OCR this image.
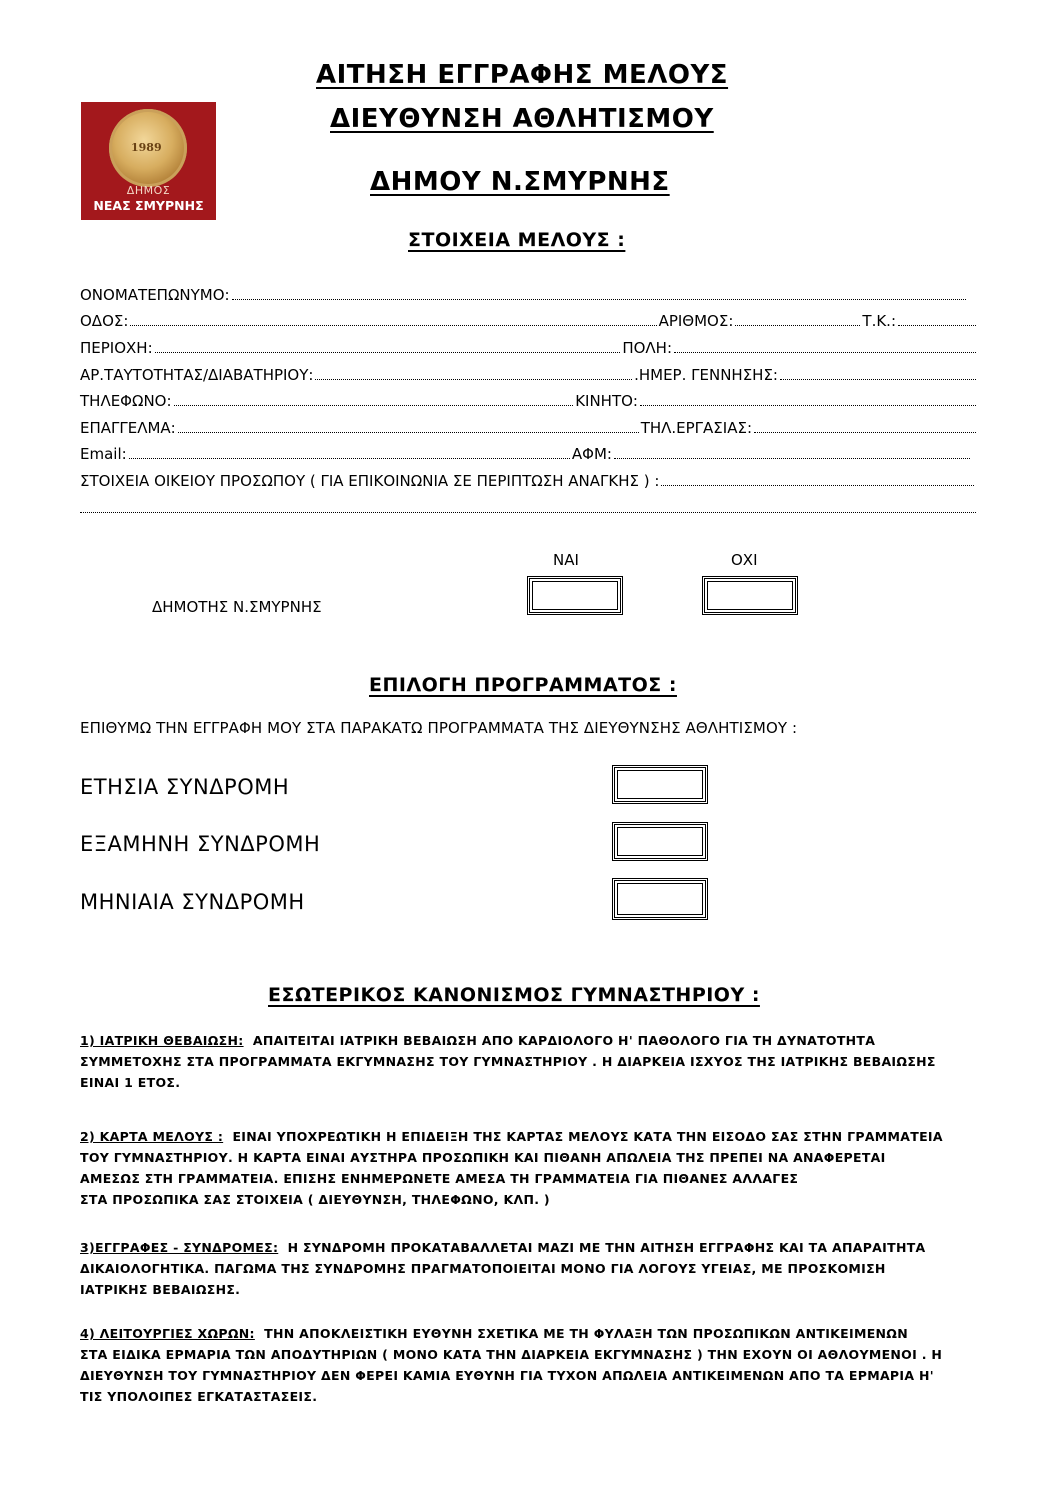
1989
ΔΗΜΟΣ
ΝΕΑΣ ΣΜΥΡΝΗΣ
ΑΙΤΗΣΗ ΕΓΓΡΑΦΗΣ ΜΕΛΟΥΣ
ΔΙΕΥΘΥΝΣΗ ΑΘΛΗΤΙΣΜΟΥ
ΔΗΜΟΥ Ν.ΣΜΥΡΝΗΣ
ΣΤΟΙΧΕΙΑ ΜΕΛΟΥΣ :
ΟΝΟΜΑΤΕΠΩΝΥΜΟ:
ΟΔΟΣ:	ΑΡΙΘΜΟΣ:	Τ.Κ.:
ΠΕΡΙΟΧΗ:	ΠΟΛΗ:
ΑΡ.ΤΑΥΤΟΤΗΤΑΣ/ΔΙΑΒΑΤΗΡΙΟΥ:	.ΗΜΕΡ. ΓΕΝΝΗΣΗΣ:
ΤΗΛΕΦΩΝΟ:	ΚΙΝΗΤΟ:
ΕΠΑΓΓΕΛΜΑ:	ΤΗΛ.ΕΡΓΑΣΙΑΣ:
Email:	ΑΦΜ:
ΣΤΟΙΧΕΙΑ ΟΙΚΕΙΟΥ ΠΡΟΣΩΠΟΥ ( ΓΙΑ ΕΠΙΚΟΙΝΩΝΙΑ ΣΕ ΠΕΡΙΠΤΩΣΗ ΑΝΑΓΚΗΣ ) :
ΝΑΙ	ΟΧΙ
ΔΗΜΟΤΗΣ Ν.ΣΜΥΡΝΗΣ
ΕΠΙΛΟΓΗ ΠΡΟΓΡΑΜΜΑΤΟΣ :
ΕΠΙΘΥΜΩ ΤΗΝ ΕΓΓΡΑΦΗ ΜΟΥ ΣΤΑ ΠΑΡΑΚΑΤΩ ΠΡΟΓΡΑΜΜΑΤΑ ΤΗΣ ΔΙΕΥΘΥΝΣΗΣ ΑΘΛΗΤΙΣΜΟΥ :
ΕΤΗΣΙΑ ΣΥΝΔΡΟΜΗ
ΕΞΑΜΗΝΗ ΣΥΝΔΡΟΜΗ
ΜΗΝΙΑΙΑ ΣΥΝΔΡΟΜΗ
ΕΣΩΤΕΡΙΚΟΣ ΚΑΝΟΝΙΣΜΟΣ ΓΥΜΝΑΣΤΗΡΙΟΥ :
1) ΙΑΤΡΙΚΗ ΘΕΒΑΙΩΣΗ: ΑΠΑΙΤΕΙΤΑΙ ΙΑΤΡΙΚΗ ΒΕΒΑΙΩΣΗ ΑΠΟ ΚΑΡΔΙΟΛΟΓΟ Η' ΠΑΘΟΛΟΓΟ ΓΙΑ ΤΗ ΔΥΝΑΤΟΤΗΤΑ
ΣΥΜΜΕΤΟΧΗΣ ΣΤΑ ΠΡΟΓΡΑΜΜΑΤΑ ΕΚΓΥΜΝΑΣΗΣ ΤΟΥ ΓΥΜΝΑΣΤΗΡΙΟΥ . Η ΔΙΑΡΚΕΙΑ ΙΣΧΥΟΣ ΤΗΣ ΙΑΤΡΙΚΗΣ ΒΕΒΑΙΩΣΗΣ
ΕΙΝΑΙ 1 ΕΤΟΣ.
2) ΚΑΡΤΑ ΜΕΛΟΥΣ : ΕΙΝΑΙ ΥΠΟΧΡΕΩΤΙΚΗ Η ΕΠΙΔΕΙΞΗ ΤΗΣ ΚΑΡΤΑΣ ΜΕΛΟΥΣ ΚΑΤΑ ΤΗΝ ΕΙΣΟΔΟ ΣΑΣ ΣΤΗΝ ΓΡΑΜΜΑΤΕΙΑ
ΤΟΥ ΓΥΜΝΑΣΤΗΡΙΟΥ. Η ΚΑΡΤΑ ΕΙΝΑΙ ΑΥΣΤΗΡΑ ΠΡΟΣΩΠΙΚΗ ΚΑΙ ΠΙΘΑΝΗ ΑΠΩΛΕΙΑ ΤΗΣ ΠΡΕΠΕΙ ΝΑ ΑΝΑΦΕΡΕΤΑΙ
ΑΜΕΣΩΣ ΣΤΗ ΓΡΑΜΜΑΤΕΙΑ. ΕΠΙΣΗΣ ΕΝΗΜΕΡΩΝΕΤΕ ΑΜΕΣΑ ΤΗ ΓΡΑΜΜΑΤΕΙΑ ΓΙΑ ΠΙΘΑΝΕΣ ΑΛΛΑΓΕΣ
ΣΤΑ ΠΡΟΣΩΠΙΚΑ ΣΑΣ ΣΤΟΙΧΕΙΑ ( ΔΙΕΥΘΥΝΣΗ, ΤΗΛΕΦΩΝΟ, ΚΛΠ. )
3)ΕΓΓΡΑΦΕΣ - ΣΥΝΔΡΟΜΕΣ: Η ΣΥΝΔΡΟΜΗ ΠΡΟΚΑΤΑΒΑΛΛΕΤΑΙ ΜΑΖΙ ΜΕ ΤΗΝ ΑΙΤΗΣΗ ΕΓΓΡΑΦΗΣ ΚΑΙ ΤΑ ΑΠΑΡΑΙΤΗΤΑ
ΔΙΚΑΙΟΛΟΓΗΤΙΚΑ. ΠΑΓΩΜΑ ΤΗΣ ΣΥΝΔΡΟΜΗΣ ΠΡΑΓΜΑΤΟΠΟΙΕΙΤΑΙ ΜΟΝΟ ΓΙΑ ΛΟΓΟΥΣ ΥΓΕΙΑΣ, ΜΕ ΠΡΟΣΚΟΜΙΣΗ
ΙΑΤΡΙΚΗΣ ΒΕΒΑΙΩΣΗΣ.
4) ΛΕΙΤΟΥΡΓΙΕΣ ΧΩΡΩΝ: ΤΗΝ ΑΠΟΚΛΕΙΣΤΙΚΗ ΕΥΘΥΝΗ ΣΧΕΤΙΚΑ ΜΕ ΤΗ ΦΥΛΑΞΗ ΤΩΝ ΠΡΟΣΩΠΙΚΩΝ ΑΝΤΙΚΕΙΜΕΝΩΝ
ΣΤΑ ΕΙΔΙΚΑ ΕΡΜΑΡΙΑ ΤΩΝ ΑΠΟΔΥΤΗΡΙΩΝ ( ΜΟΝΟ ΚΑΤΑ ΤΗΝ ΔΙΑΡΚΕΙΑ ΕΚΓΥΜΝΑΣΗΣ ) ΤΗΝ ΕΧΟΥΝ ΟΙ ΑΘΛΟΥΜΕΝΟΙ . Η
ΔΙΕΥΘΥΝΣΗ ΤΟΥ ΓΥΜΝΑΣΤΗΡΙΟΥ ΔΕΝ ΦΕΡΕΙ ΚΑΜΙΑ ΕΥΘΥΝΗ ΓΙΑ ΤΥΧΟΝ ΑΠΩΛΕΙΑ ΑΝΤΙΚΕΙΜΕΝΩΝ ΑΠΟ ΤΑ ΕΡΜΑΡΙΑ Η'
ΤΙΣ ΥΠΟΛΟΙΠΕΣ ΕΓΚΑΤΑΣΤΑΣΕΙΣ.
